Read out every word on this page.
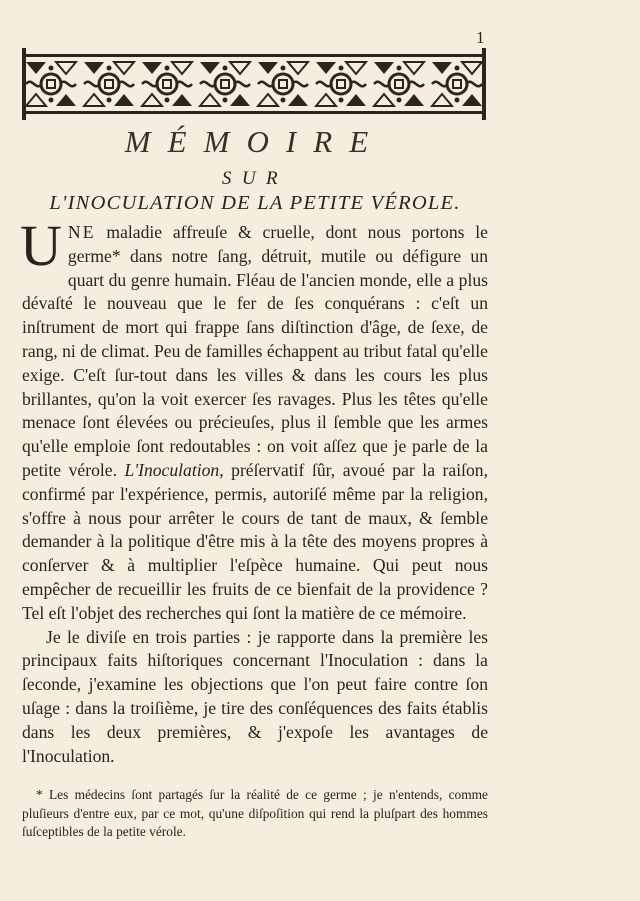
1
MÉMOIRE
SUR
L'INOCULATION DE LA PETITE VÉROLE.

UNE maladie affreuſe & cruelle, dont nous portons le germe* dans notre ſang, détruit, mutile ou défigure un quart du genre humain. Fléau de l'ancien monde, elle a plus dévaſté le nouveau que le fer de ſes conquérans : c'eſt un inſtrument de mort qui frappe ſans diſtinction d'âge, de ſexe, de rang, ni de climat. Peu de familles échappent au tribut fatal qu'elle exige. C'eſt ſur-tout dans les villes & dans les cours les plus brillantes, qu'on la voit exercer ſes ravages. Plus les têtes qu'elle menace ſont élevées ou précieuſes, plus il ſemble que les armes qu'elle emploie ſont redoutables : on voit aſſez que je parle de la petite vérole. L'Inoculation, préſervatif ſûr, avoué par la raiſon, confirmé par l'expérience, permis, autoriſé même par la religion, s'offre à nous pour arrêter le cours de tant de maux, & ſemble demander à la politique d'être mis à la tête des moyens propres à conſerver & à multiplier l'eſpèce humaine. Qui peut nous empêcher de recueillir les fruits de ce bienfait de la providence ? Tel eſt l'objet des recherches qui ſont la matière de ce mémoire.

Je le diviſe en trois parties : je rapporte dans la première les principaux faits hiſtoriques concernant l'Inoculation : dans la ſeconde, j'examine les objections que l'on peut faire contre ſon uſage : dans la troiſième, je tire des conſéquences des faits établis dans les deux premières, & j'expoſe les avantages de l'Inoculation.

* Les médecins ſont partagés ſur la réalité de ce germe ; je n'entends, comme pluſieurs d'entre eux, par ce mot, qu'une diſpoſition qui rend la pluſpart des hommes ſuſceptibles de la petite vérole.
